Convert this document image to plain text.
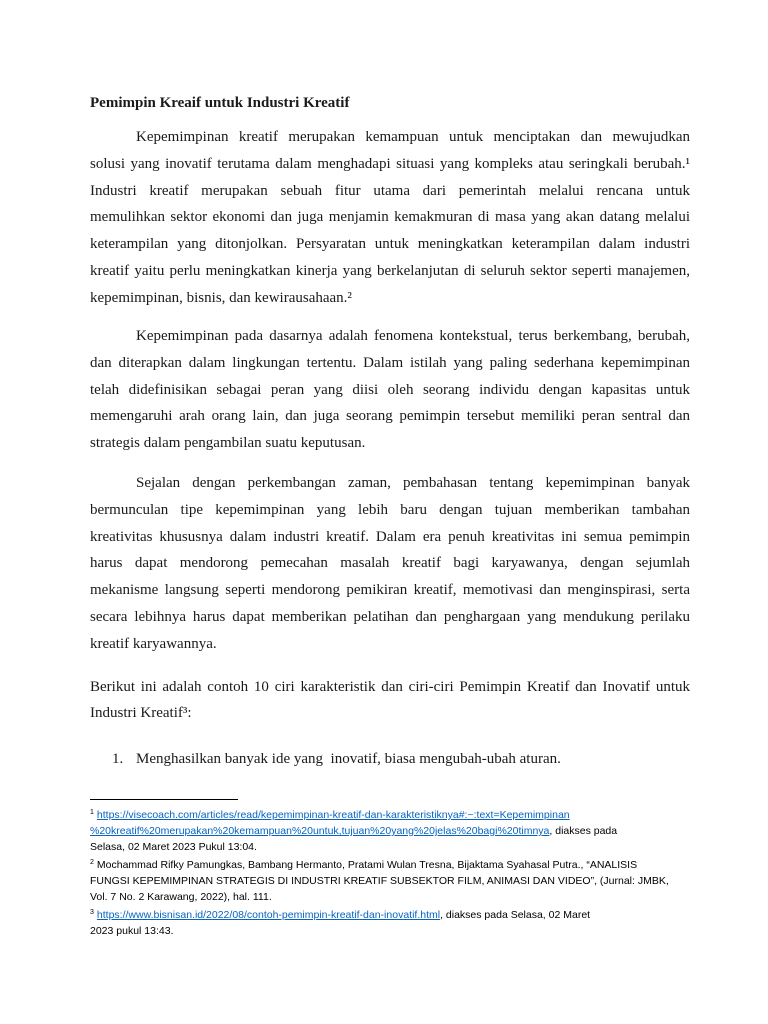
Pemimpin Kreaif untuk Industri Kreatif
Kepemimpinan kreatif merupakan kemampuan untuk menciptakan dan mewujudkan
solusi yang inovatif terutama dalam menghadapi situasi yang kompleks atau seringkali berubah.¹
Industri kreatif merupakan sebuah fitur utama dari pemerintah melalui rencana untuk
memulihkan sektor ekonomi dan juga menjamin kemakmuran di masa yang akan datang melalui
keterampilan yang ditonjolkan. Persyaratan untuk meningkatkan keterampilan dalam industri
kreatif yaitu perlu meningkatkan kinerja yang berkelanjutan di seluruh sektor seperti manajemen,
kepemimpinan, bisnis, dan kewirausahaan.²
Kepemimpinan pada dasarnya adalah fenomena kontekstual, terus berkembang, berubah,
dan diterapkan dalam lingkungan tertentu. Dalam istilah yang paling sederhana kepemimpinan
telah didefinisikan sebagai peran yang diisi oleh seorang individu dengan kapasitas untuk
memengaruhi arah orang lain, dan juga seorang pemimpin tersebut memiliki peran sentral dan
strategis dalam pengambilan suatu keputusan.
Sejalan dengan perkembangan zaman, pembahasan tentang kepemimpinan banyak
bermunculan tipe kepemimpinan yang lebih baru dengan tujuan memberikan tambahan
kreativitas khususnya dalam industri kreatif. Dalam era penuh kreativitas ini semua pemimpin
harus dapat mendorong pemecahan masalah kreatif bagi karyawanya, dengan sejumlah
mekanisme langsung seperti mendorong pemikiran kreatif, memotivasi dan menginspirasi, serta
secara lebihnya harus dapat memberikan pelatihan dan penghargaan yang mendukung perilaku
kreatif karyawannya.
Berikut ini adalah contoh 10 ciri karakteristik dan ciri-ciri Pemimpin Kreatif dan Inovatif untuk
Industri Kreatif³:
1. Menghasilkan banyak ide yang  inovatif, biasa mengubah-ubah aturan.
$^1$ https://visecoach.com/articles/read/kepemimpinan-kreatif-dan-karakteristiknya#:~:text=Kepemimpinan
%20kreatif%20merupakan%20kemampuan%20untuk,tujuan%20yang%20jelas%20bagi%20timnya, diakses pada
Selasa, 02 Maret 2023 Pukul 13:04.
$^2$ Mochammad Rifky Pamungkas, Bambang Hermanto, Pratami Wulan Tresna, Bijaktama Syahasal Putra., “ANALISIS
FUNGSI KEPEMIMPINAN STRATEGIS DI INDUSTRI KREATIF SUBSEKTOR FILM, ANIMASI DAN VIDEO”, (Jurnal: JMBK,
Vol. 7 No. 2 Karawang, 2022), hal. 111.
$^3$ https://www.bisnisan.id/2022/08/contoh-pemimpin-kreatif-dan-inovatif.html, diakses pada Selasa, 02 Maret
2023 pukul 13:43.
